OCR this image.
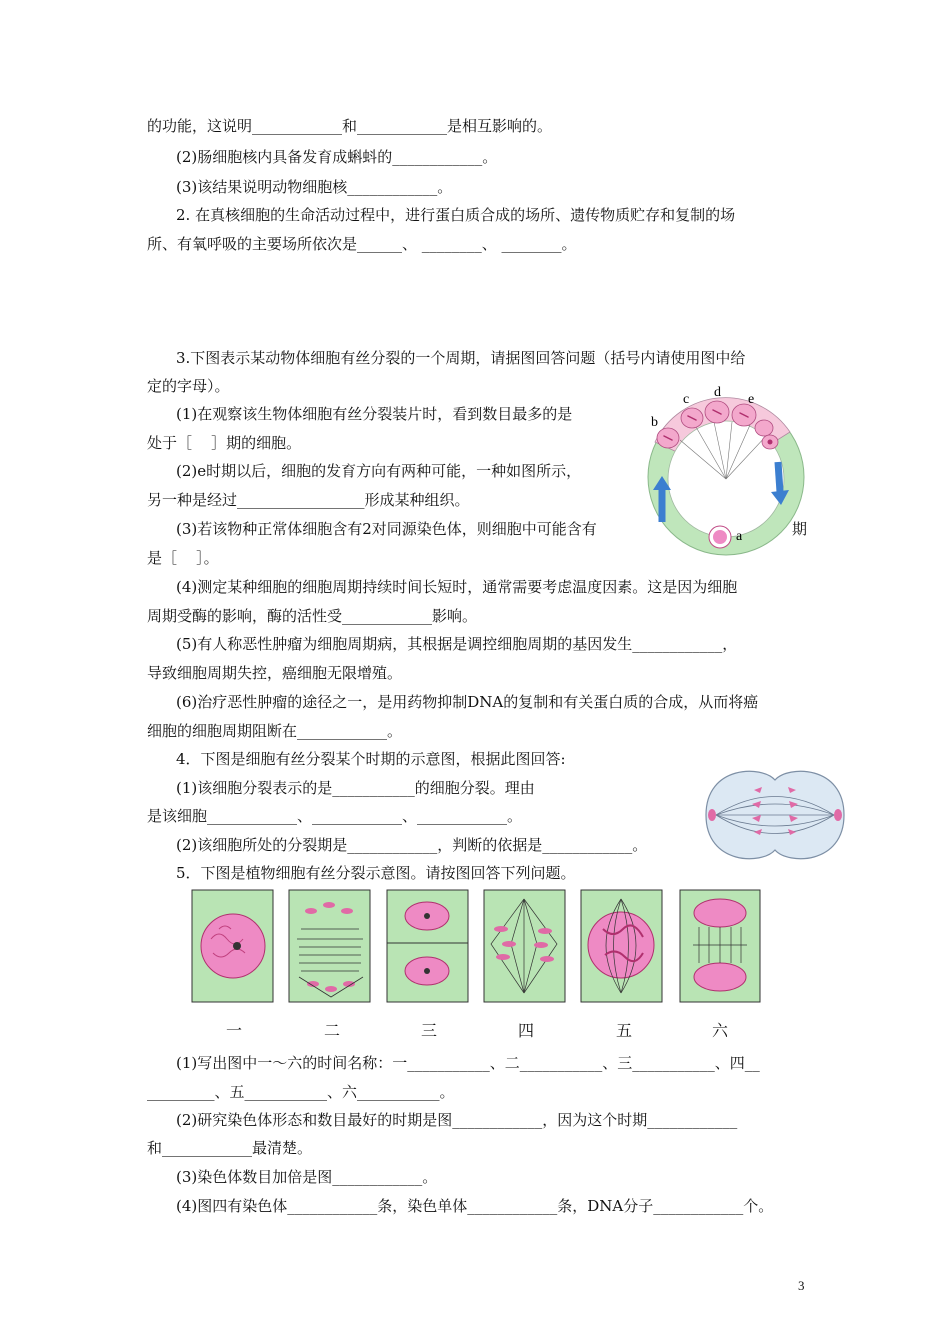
的功能，这说明____________和____________是相互影响的。
(2)肠细胞核内具备发育成蝌蚪的____________。
(3)该结果说明动物细胞核____________。
2. 在真核细胞的生命活动过程中，进行蛋白质合成的场所、遗传物质贮存和复制的场
所、有氧呼吸的主要场所依次是______、 ________、 ________。
3.下图表示某动物体细胞有丝分裂的一个周期，请据图回答问题（括号内请使用图中给
定的字母）。
(1)在观察该生物体细胞有丝分裂装片时，看到数目最多的是
处于［    ］期的细胞。
(2)e时期以后，细胞的发育方向有两种可能，一种如图所示，
另一种是经过_________________形成某种组织。
(3)若该物种正常体细胞含有2对同源染色体，则细胞中可能含有	期
是［    ］。
(4)测定某种细胞的细胞周期持续时间长短时，通常需要考虑温度因素。这是因为细胞
周期受酶的影响，酶的活性受____________影响。
(5)有人称恶性肿瘤为细胞周期病，其根据是调控细胞周期的基因发生____________，
导致细胞周期失控，癌细胞无限增殖。
(6)治疗恶性肿瘤的途径之一，是用药物抑制DNA的复制和有关蛋白质的合成，从而将癌
细胞的细胞周期阻断在____________。
4．下图是细胞有丝分裂某个时期的示意图，根据此图回答:
(1)该细胞分裂表示的是___________的细胞分裂。理由
是该细胞____________、____________、____________。
(2)该细胞所处的分裂期是____________，判断的依据是____________。
5．下图是植物细胞有丝分裂示意图。请按图回答下列问题。
(1)写出图中一～六的时间名称：一___________、二___________、三___________、四__
_________、五___________、六___________。
(2)研究染色体形态和数目最好的时期是图____________，因为这个时期____________
和____________最清楚。
(3)染色体数目加倍是图____________。
(4)图四有染色体____________条，染色单体____________条，DNA分子____________个。
a
b
c d e
一	二	三	四	五	六
3
